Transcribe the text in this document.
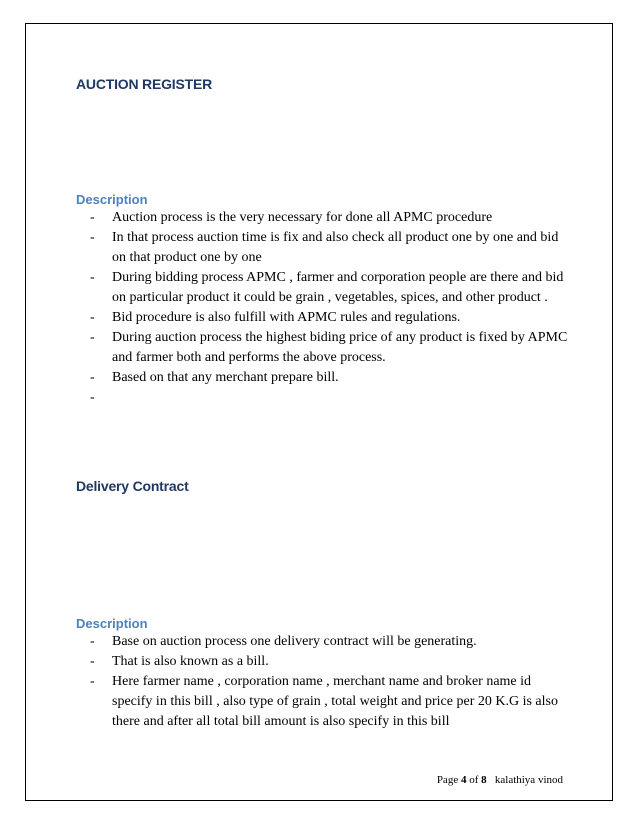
AUCTION REGISTER
Description
- Auction process is the very necessary for done all APMC procedure
- In that process auction time is fix and also check all product one by one and bid on that product one by one
- During bidding process APMC , farmer and corporation people are there and bid on particular product it could be grain , vegetables, spices, and other product .
- Bid procedure is also fulfill with APMC rules and regulations.
- During auction process the highest biding price of any product is fixed by APMC and farmer both and performs the above process.
- Based on that any merchant prepare bill.
-

Delivery Contract
Description
- Base on auction process one delivery contract will be generating.
- That is also known as a bill.
- Here farmer name , corporation name , merchant name and broker name id specify in this bill , also type of grain , total weight and price per 20 K.G is also there and after all total bill amount is also specify in this bill
Page 4 of 8 kalathiya vinod
